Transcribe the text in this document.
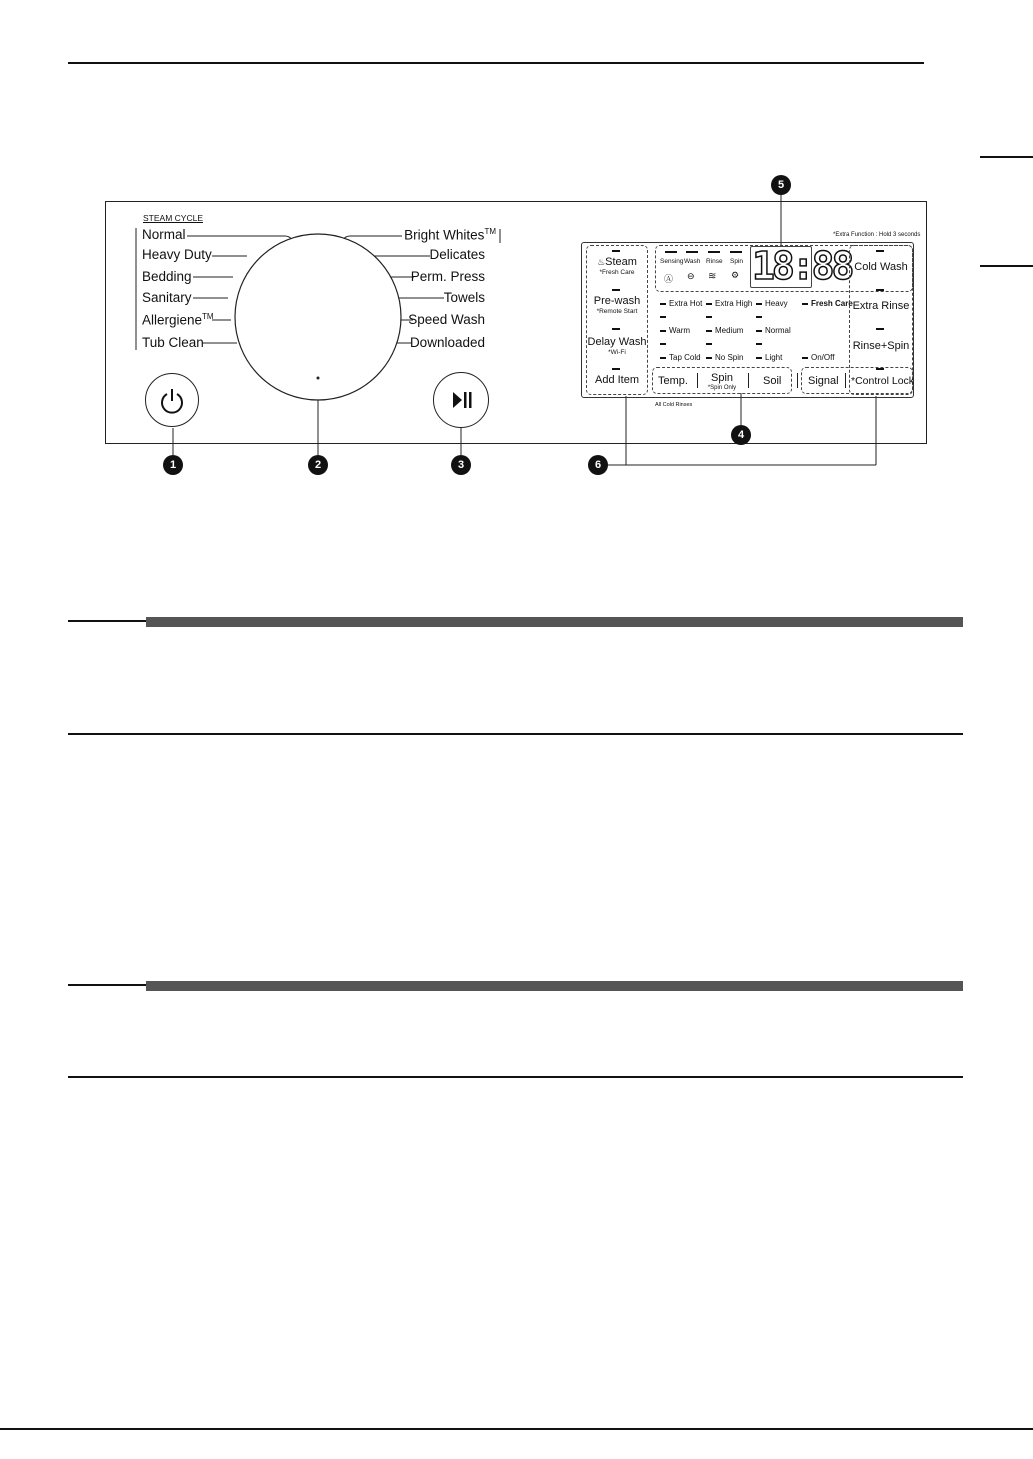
STEAM CYCLE
Normal
Heavy Duty
Bedding
Sanitary
Allergiene™
Tub Clean
Bright Whites™
Delicates
Perm. Press
Towels
Speed Wash
Downloaded
*Extra Function : Hold 3 seconds
♨Steam
*Fresh Care
Pre-wash
*Remote Start
Delay Wash
*Wi-Fi
Add Item
Sensing Wash Rinse Spin
Ⓐ ⊖ ≋ ⚙ 18:88
Extra Hot	Extra High	Heavy	Fresh Care
Warm	Medium	Normal
Tap Cold	No Spin	Light	On/Off
Cold Wash
Extra Rinse
Rinse+Spin
Temp.	Spin
*Spin Only
Soil Signal *Control Lock
All Cold Rinses
1	2	3
4
5
6
